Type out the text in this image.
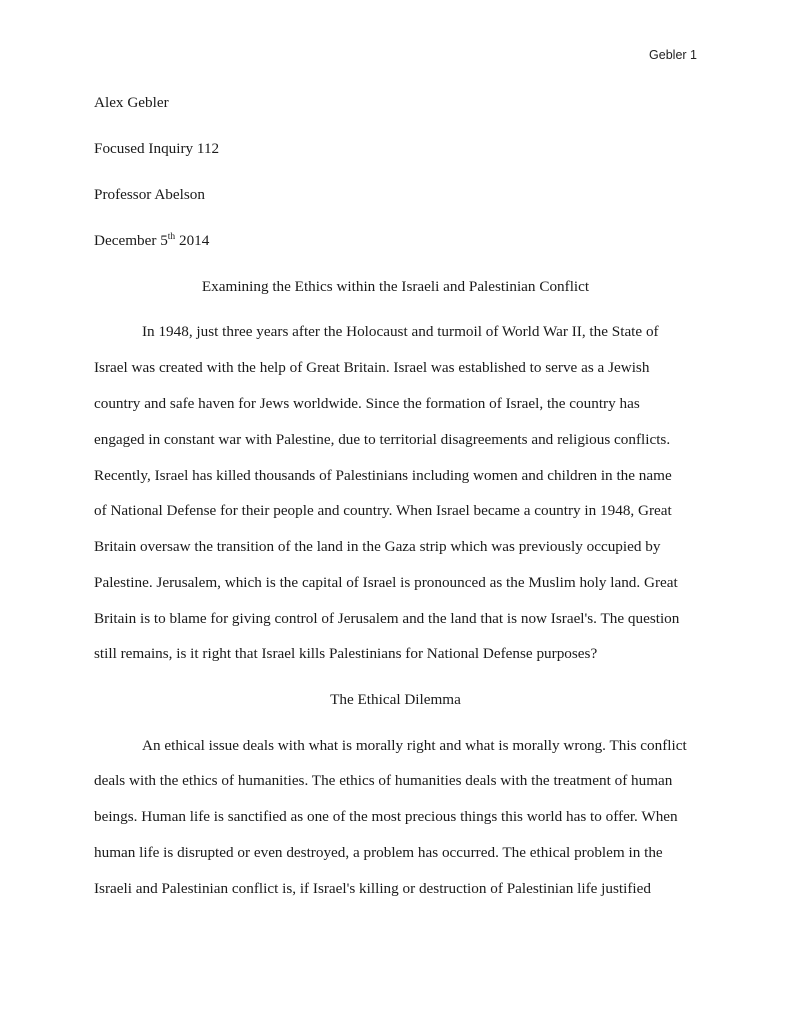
Gebler 1
Alex Gebler
Focused Inquiry 112
Professor Abelson
December 5th 2014
Examining the Ethics within the Israeli and Palestinian Conflict
In 1948, just three years after the Holocaust and turmoil of World War II, the State of
Israel was created with the help of Great Britain. Israel was established to serve as a Jewish
country and safe haven for Jews worldwide. Since the formation of Israel, the country has
engaged in constant war with Palestine, due to territorial disagreements and religious conflicts.
Recently, Israel has killed thousands of Palestinians including women and children in the name
of National Defense for their people and country. When Israel became a country in 1948, Great
Britain oversaw the transition of the land in the Gaza strip which was previously occupied by
Palestine. Jerusalem, which is the capital of Israel is pronounced as the Muslim holy land. Great
Britain is to blame for giving control of Jerusalem and the land that is now Israel's. The question
still remains, is it right that Israel kills Palestinians for National Defense purposes?
The Ethical Dilemma
An ethical issue deals with what is morally right and what is morally wrong. This conflict
deals with the ethics of humanities. The ethics of humanities deals with the treatment of human
beings. Human life is sanctified as one of the most precious things this world has to offer. When
human life is disrupted or even destroyed, a problem has occurred. The ethical problem in the
Israeli and Palestinian conflict is, if Israel's killing or destruction of Palestinian life justified
